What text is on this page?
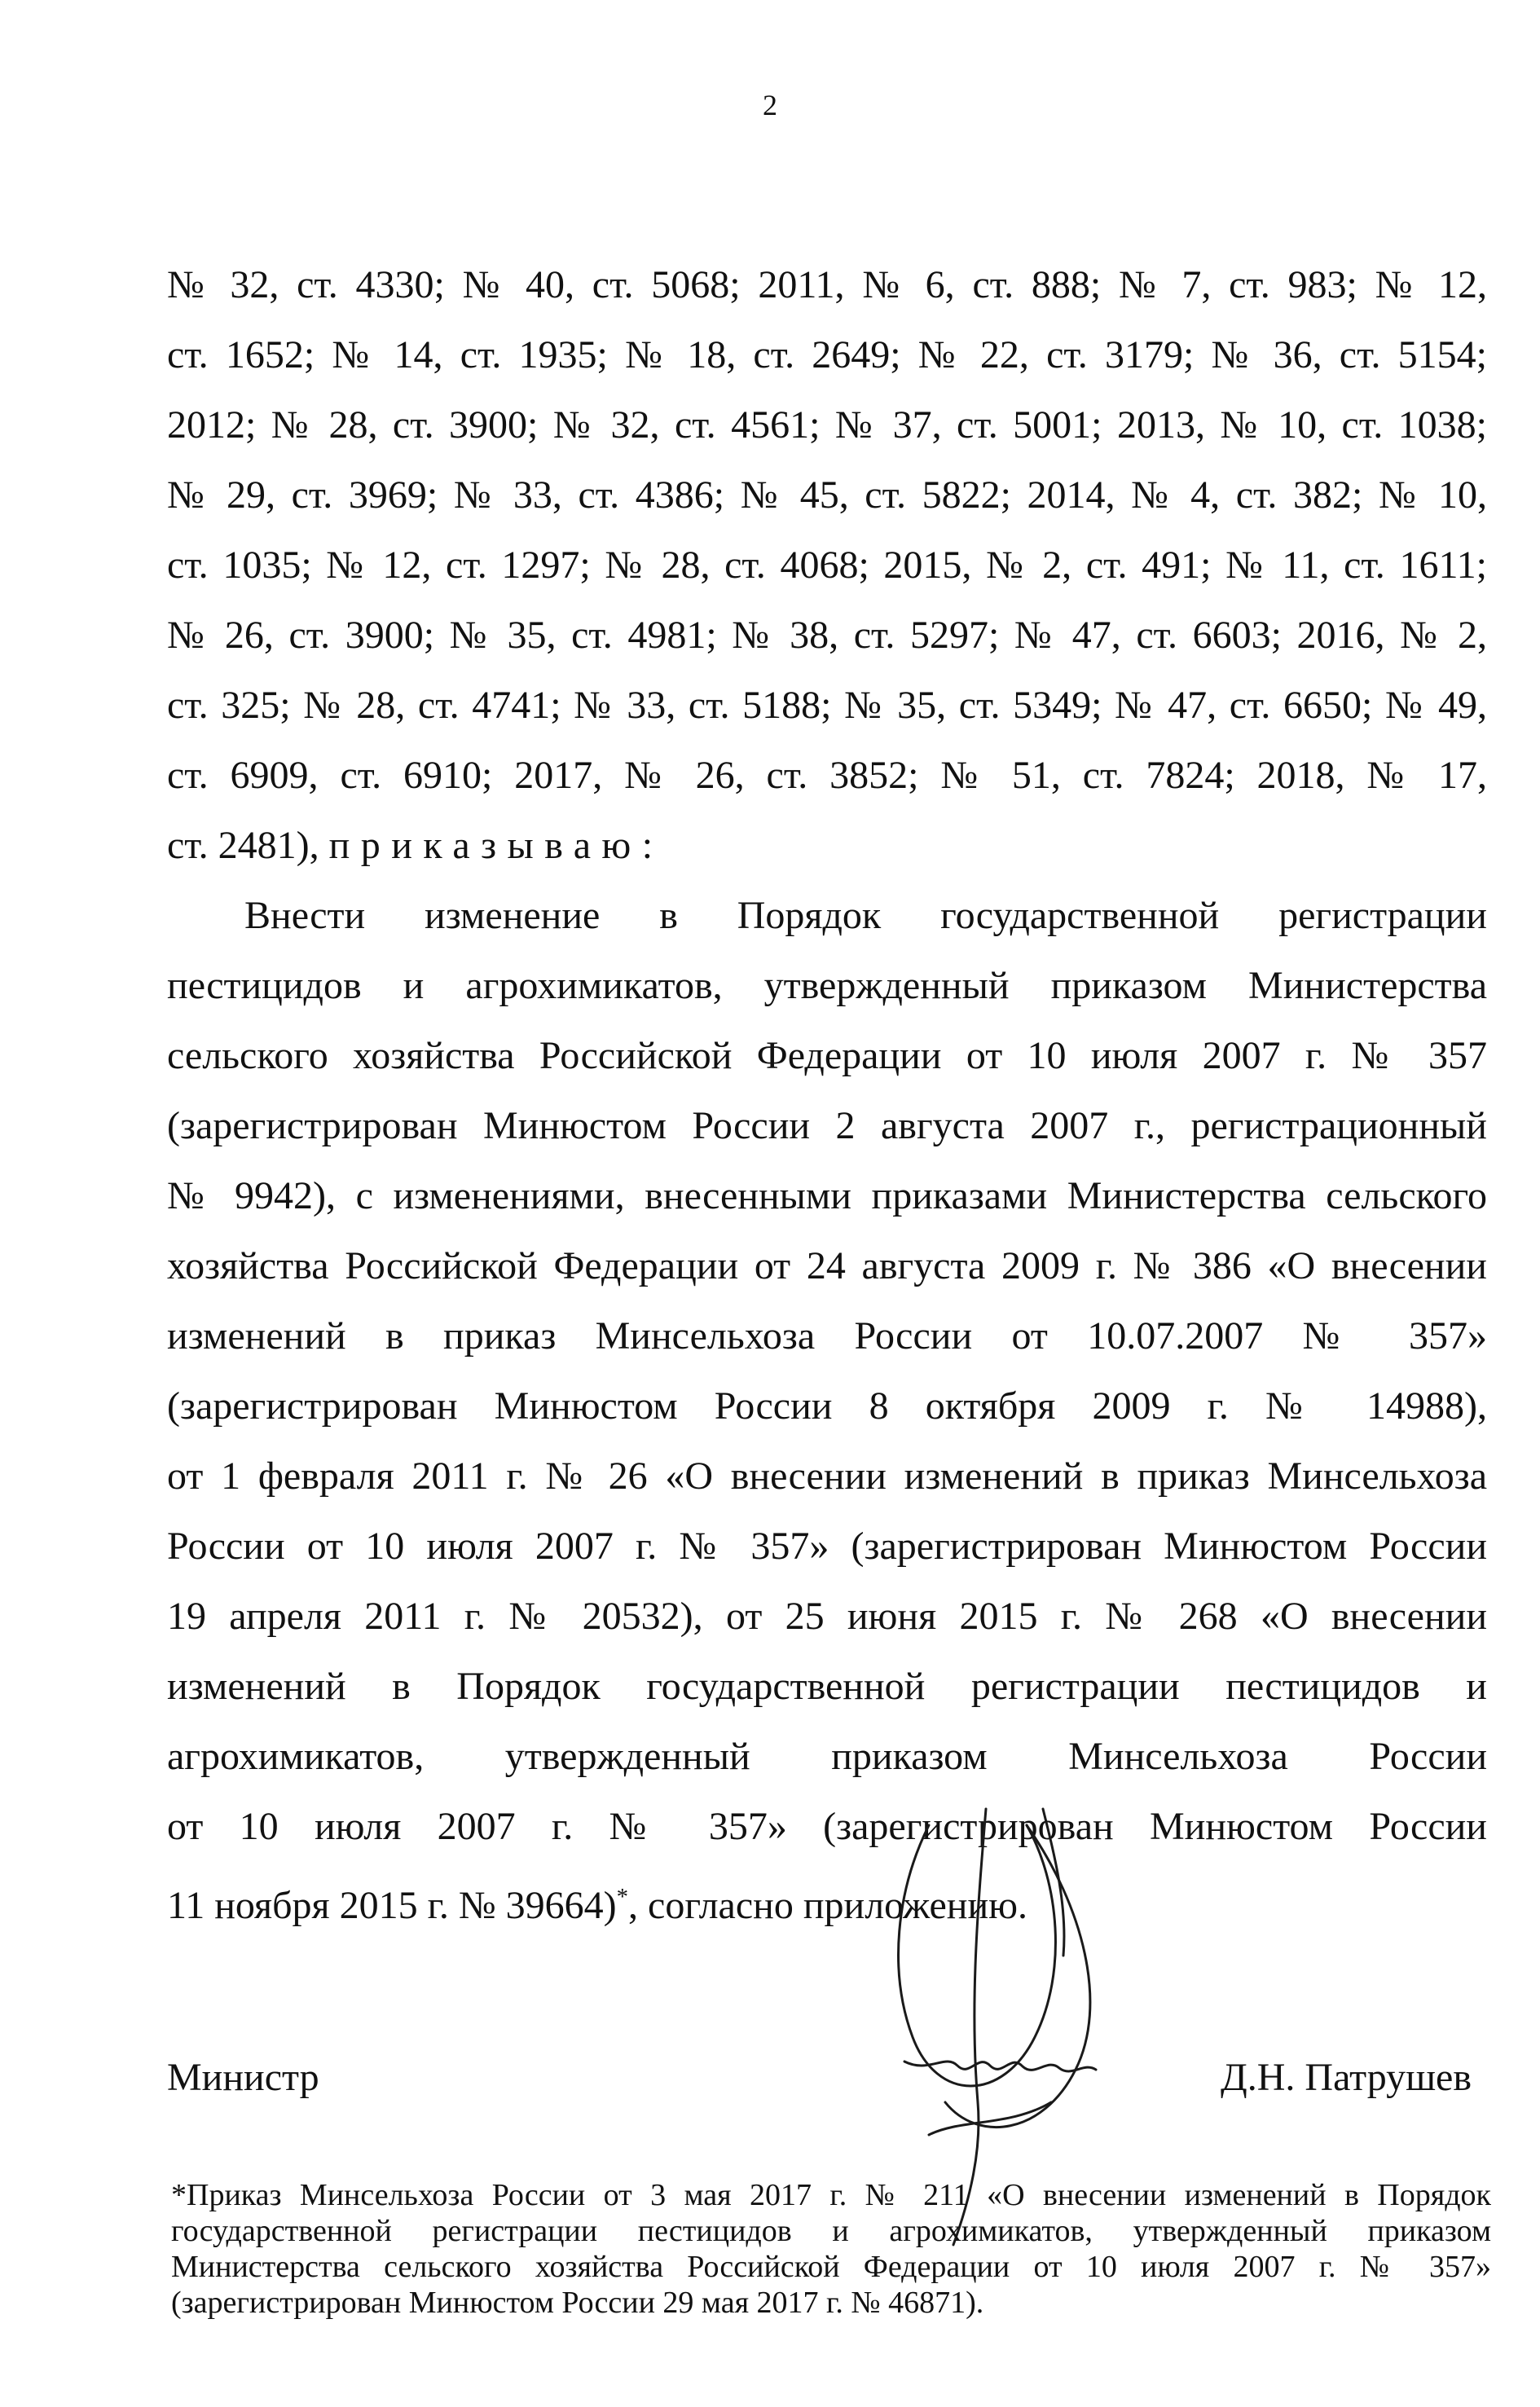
2
№ 32, ст. 4330; № 40, ст. 5068; 2011, № 6, ст. 888; № 7, ст. 983; № 12,
ст. 1652; № 14, ст. 1935; № 18, ст. 2649; № 22, ст. 3179; № 36, ст. 5154;
2012; № 28, ст. 3900; № 32, ст. 4561; № 37, ст. 5001; 2013, № 10, ст. 1038;
№ 29, ст. 3969; № 33, ст. 4386; № 45, ст. 5822; 2014, № 4, ст. 382; № 10,
ст. 1035; № 12, ст. 1297; № 28, ст. 4068; 2015, № 2, ст. 491; № 11, ст. 1611;
№ 26, ст. 3900; № 35, ст. 4981; № 38, ст. 5297; № 47, ст. 6603; 2016, № 2,
ст. 325; № 28, ст. 4741; № 33, ст. 5188; № 35, ст. 5349; № 47, ст. 6650; № 49,
ст. 6909, ст. 6910; 2017, № 26, ст. 3852; № 51, ст. 7824; 2018, № 17,
ст. 2481), приказываю:
Внести изменение в Порядок государственной регистрации
пестицидов и агрохимикатов, утвержденный приказом Министерства
сельского хозяйства Российской Федерации от 10 июля 2007 г. № 357
(зарегистрирован Минюстом России 2 августа 2007 г., регистрационный
№ 9942), с изменениями, внесенными приказами Министерства сельского
хозяйства Российской Федерации от 24 августа 2009 г. № 386 «О внесении
изменений в приказ Минсельхоза России от 10.07.2007 № 357»
(зарегистрирован Минюстом России 8 октября 2009 г. № 14988),
от 1 февраля 2011 г. № 26 «О внесении изменений в приказ Минсельхоза
России от 10 июля 2007 г. № 357» (зарегистрирован Минюстом России
19 апреля 2011 г. № 20532), от 25 июня 2015 г. № 268 «О внесении
изменений в Порядок государственной регистрации пестицидов и
агрохимикатов, утвержденный приказом Минсельхоза России
от 10 июля 2007 г. № 357» (зарегистрирован Минюстом России
11 ноября 2015 г. № 39664)*, согласно приложению.
Министр	Д.Н. Патрушев
*Приказ Минсельхоза России от 3 мая 2017 г. № 211 «О внесении изменений в Порядок
государственной регистрации пестицидов и агрохимикатов, утвержденный приказом
Министерства сельского хозяйства Российской Федерации от 10 июля 2007 г. № 357»
(зарегистрирован Минюстом России 29 мая 2017 г. № 46871).
